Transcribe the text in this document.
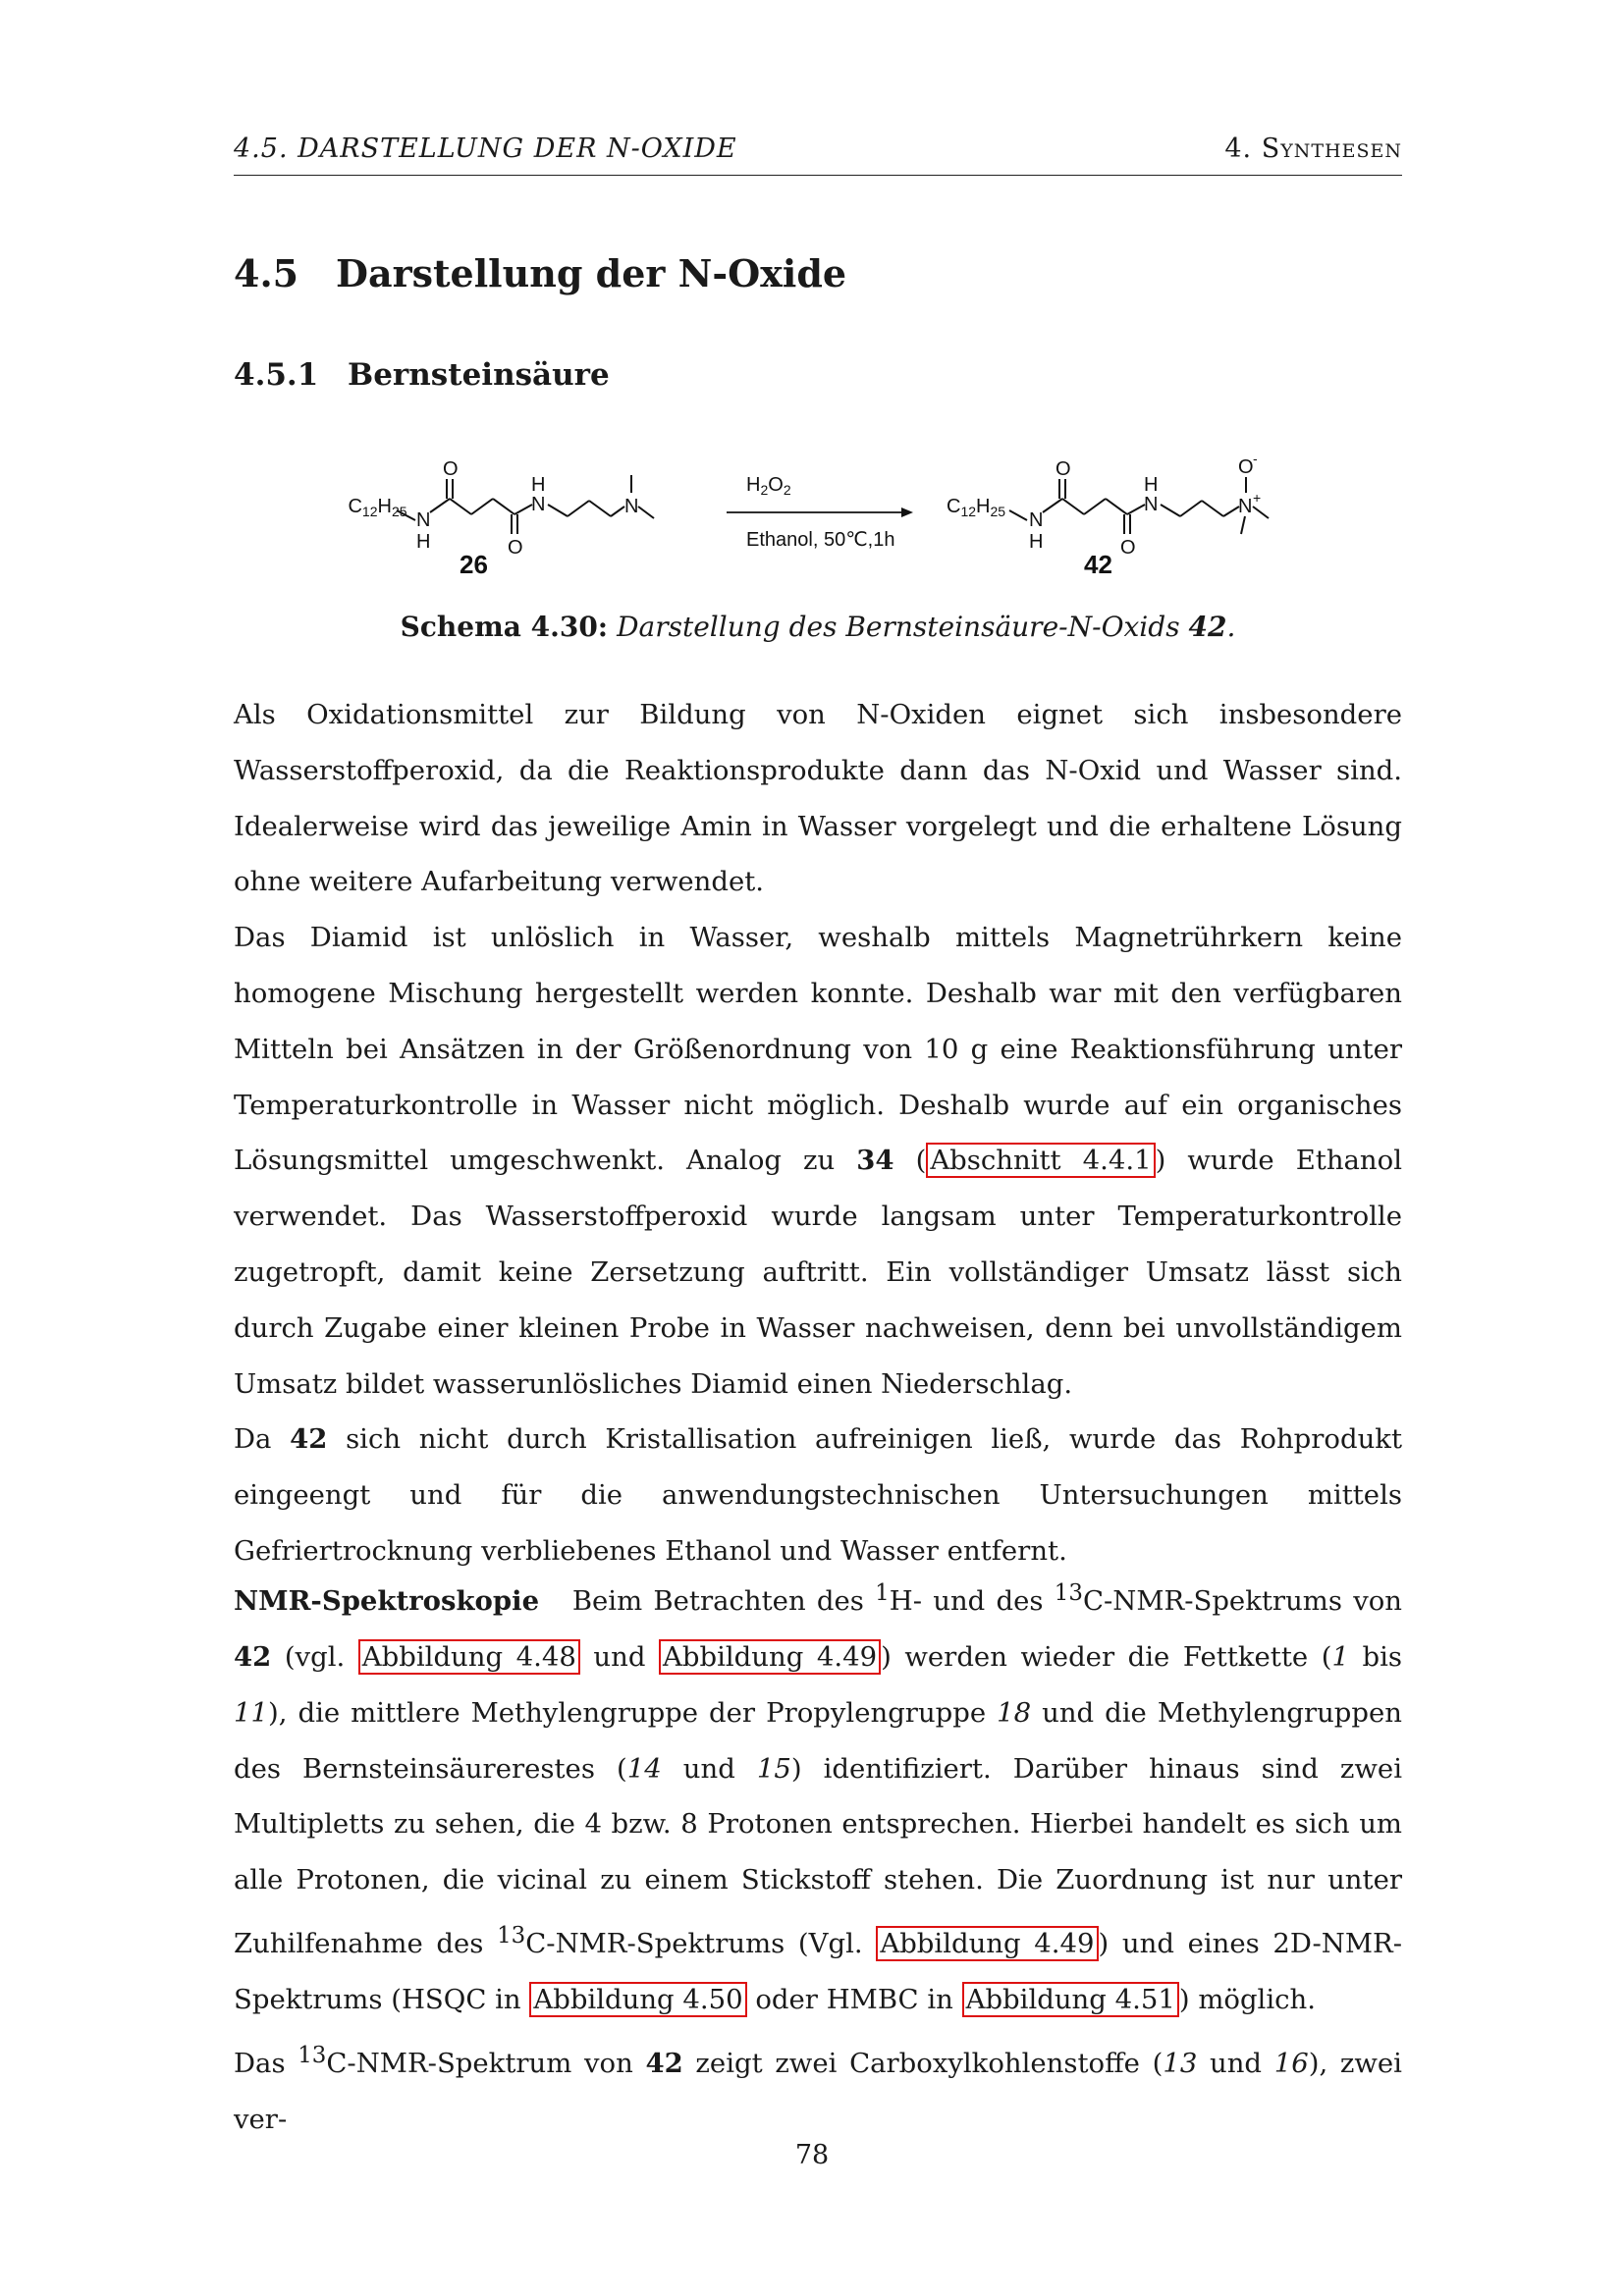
4.5. DARSTELLUNG DER N-OXIDE	4. Synthesen
4.5 Darstellung der N-Oxide
4.5.1 Bernsteinsäure
$C_{12}H_{25}$ N
H
O
N
H
O
N
26
$H_2O_2$
Ethanol, 50℃,1h
$C_{12}H_{25}$ N
H
O
N
H
O
N +
O -
42
Schema 4.30: Darstellung des Bernsteinsäure-N-Oxids 42.

Als Oxidationsmittel zur Bildung von N-Oxiden eignet sich insbesondere Wasserstoffperoxid, da die Reaktionsprodukte dann das N-Oxid und Wasser sind. Idealerweise wird das jeweilige Amin in Wasser vorgelegt und die erhaltene Lösung ohne weitere Aufarbeitung verwendet.

Das Diamid ist unlöslich in Wasser, weshalb mittels Magnetrührkern keine homogene Mischung hergestellt werden konnte. Deshalb war mit den verfügbaren Mitteln bei Ansätzen in der Größenordnung von 10 g eine Reaktionsführung unter Temperaturkontrolle in Wasser nicht möglich. Deshalb wurde auf ein organisches Lösungsmittel umgeschwenkt. Analog zu 34 ( Abschnitt 4.4.1 ) wurde Ethanol verwendet. Das Wasserstoffperoxid wurde langsam unter Temperaturkontrolle zugetropft, damit keine Zersetzung auftritt. Ein vollständiger Umsatz lässt sich durch Zugabe einer kleinen Probe in Wasser nachweisen, denn bei unvollständigem Umsatz bildet wasserunlösliches Diamid einen Niederschlag.

Da 42 sich nicht durch Kristallisation aufreinigen ließ, wurde das Rohprodukt eingeengt und für die anwendungstechnischen Untersuchungen mittels Gefriertrocknung verbliebenes Ethanol und Wasser entfernt.

NMR-Spektroskopie Beim Betrachten des $^1$H- und des $^{13}$C-NMR-Spektrums von 42 (vgl. Abbildung 4.48 und Abbildung 4.49 ) werden wieder die Fettkette (1 bis 11), die mittlere Methylengruppe der Propylengruppe 18 und die Methylengruppen des Bernsteinsäurerestes (14 und 15) identifiziert. Darüber hinaus sind zwei Multipletts zu sehen, die 4 bzw. 8 Protonen entsprechen. Hierbei handelt es sich um alle Protonen, die vicinal zu einem Stickstoff stehen. Die Zuordnung ist nur unter Zuhilfenahme des $^{13}$C-NMR-Spektrums (Vgl. Abbildung 4.49 ) und eines 2D-NMR-Spektrums (HSQC in Abbildung 4.50 oder HMBC in Abbildung 4.51 ) möglich.

Das $^{13}$C-NMR-Spektrum von 42 zeigt zwei Carboxylkohlenstoffe (13 und 16), zwei ver-

78
